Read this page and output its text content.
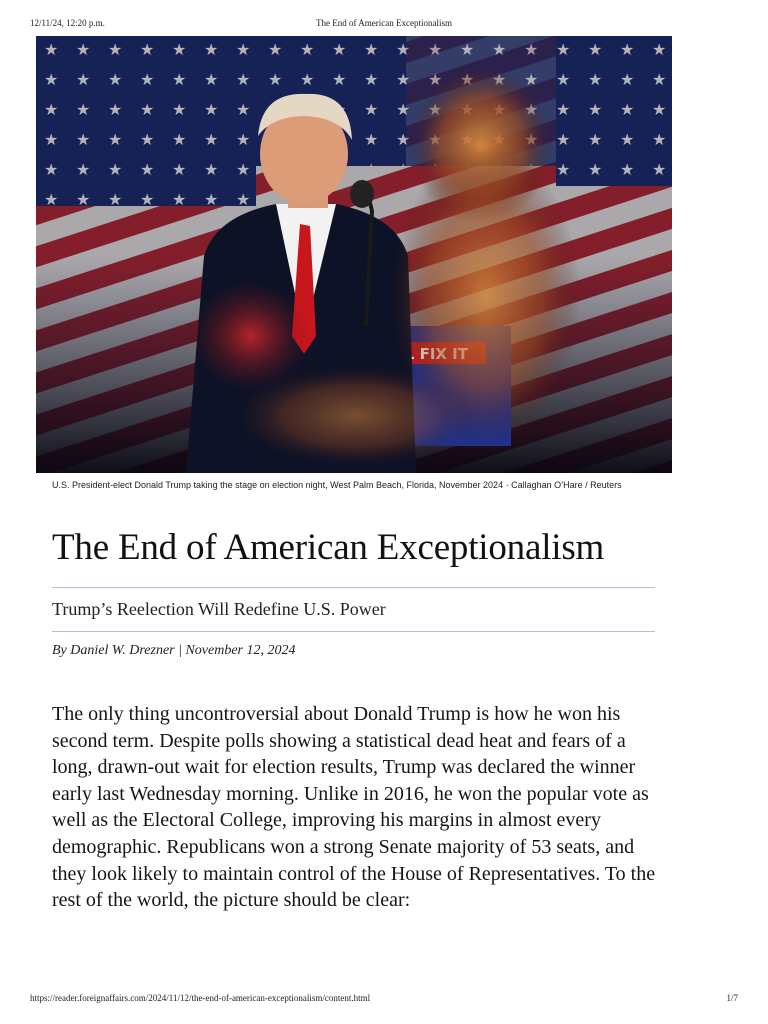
12/11/24, 12:20 p.m.	The End of American Exceptionalism
U.S. President-elect Donald Trump taking the stage on election night, West Palm Beach, Florida, November 2024 · Callaghan O’Hare / Reuters
The End of American Exceptionalism
Trump’s Reelection Will Redefine U.S. Power
By Daniel W. Drezner | November 12, 2024

The only thing uncontroversial about Donald Trump is how he won his second term. Despite polls showing a statistical dead heat and fears of a long, drawn-out wait for election results, Trump was declared the winner early last Wednesday morning. Unlike in 2016, he won the popular vote as well as the Electoral College, improving his margins in almost every demographic. Republicans won a strong Senate majority of 53 seats, and they look likely to maintain control of the House of Representatives. To the rest of the world, the picture should be clear:

https://reader.foreignaffairs.com/2024/11/12/the-end-of-american-exceptionalism/content.html	1/7
